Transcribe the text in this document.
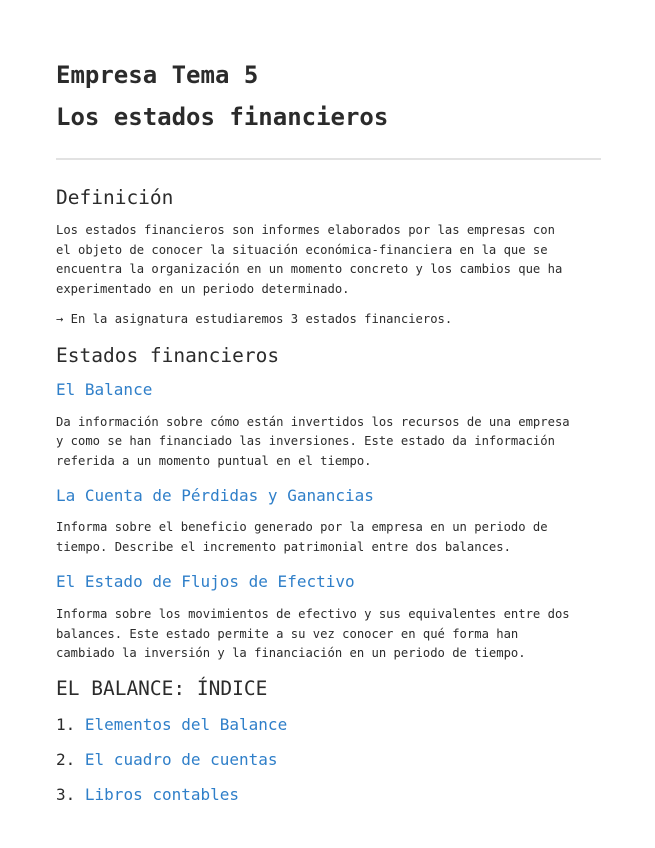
Empresa Tema 5
Los estados financieros
Definición
Los estados financieros son informes elaborados por las empresas con
el objeto de conocer la situación económica-financiera en la que se
encuentra la organización en un momento concreto y los cambios que ha
experimentado en un periodo determinado.
→ En la asignatura estudiaremos 3 estados financieros.
Estados financieros
El Balance
Da información sobre cómo están invertidos los recursos de una empresa
y como se han financiado las inversiones. Este estado da información
referida a un momento puntual en el tiempo.
La Cuenta de Pérdidas y Ganancias
Informa sobre el beneficio generado por la empresa en un periodo de
tiempo. Describe el incremento patrimonial entre dos balances.
El Estado de Flujos de Efectivo
Informa sobre los movimientos de efectivo y sus equivalentes entre dos
balances. Este estado permite a su vez conocer en qué forma han
cambiado la inversión y la financiación en un periodo de tiempo.
EL BALANCE: ÍNDICE
1. Elementos del Balance
2. El cuadro de cuentas
3. Libros contables
